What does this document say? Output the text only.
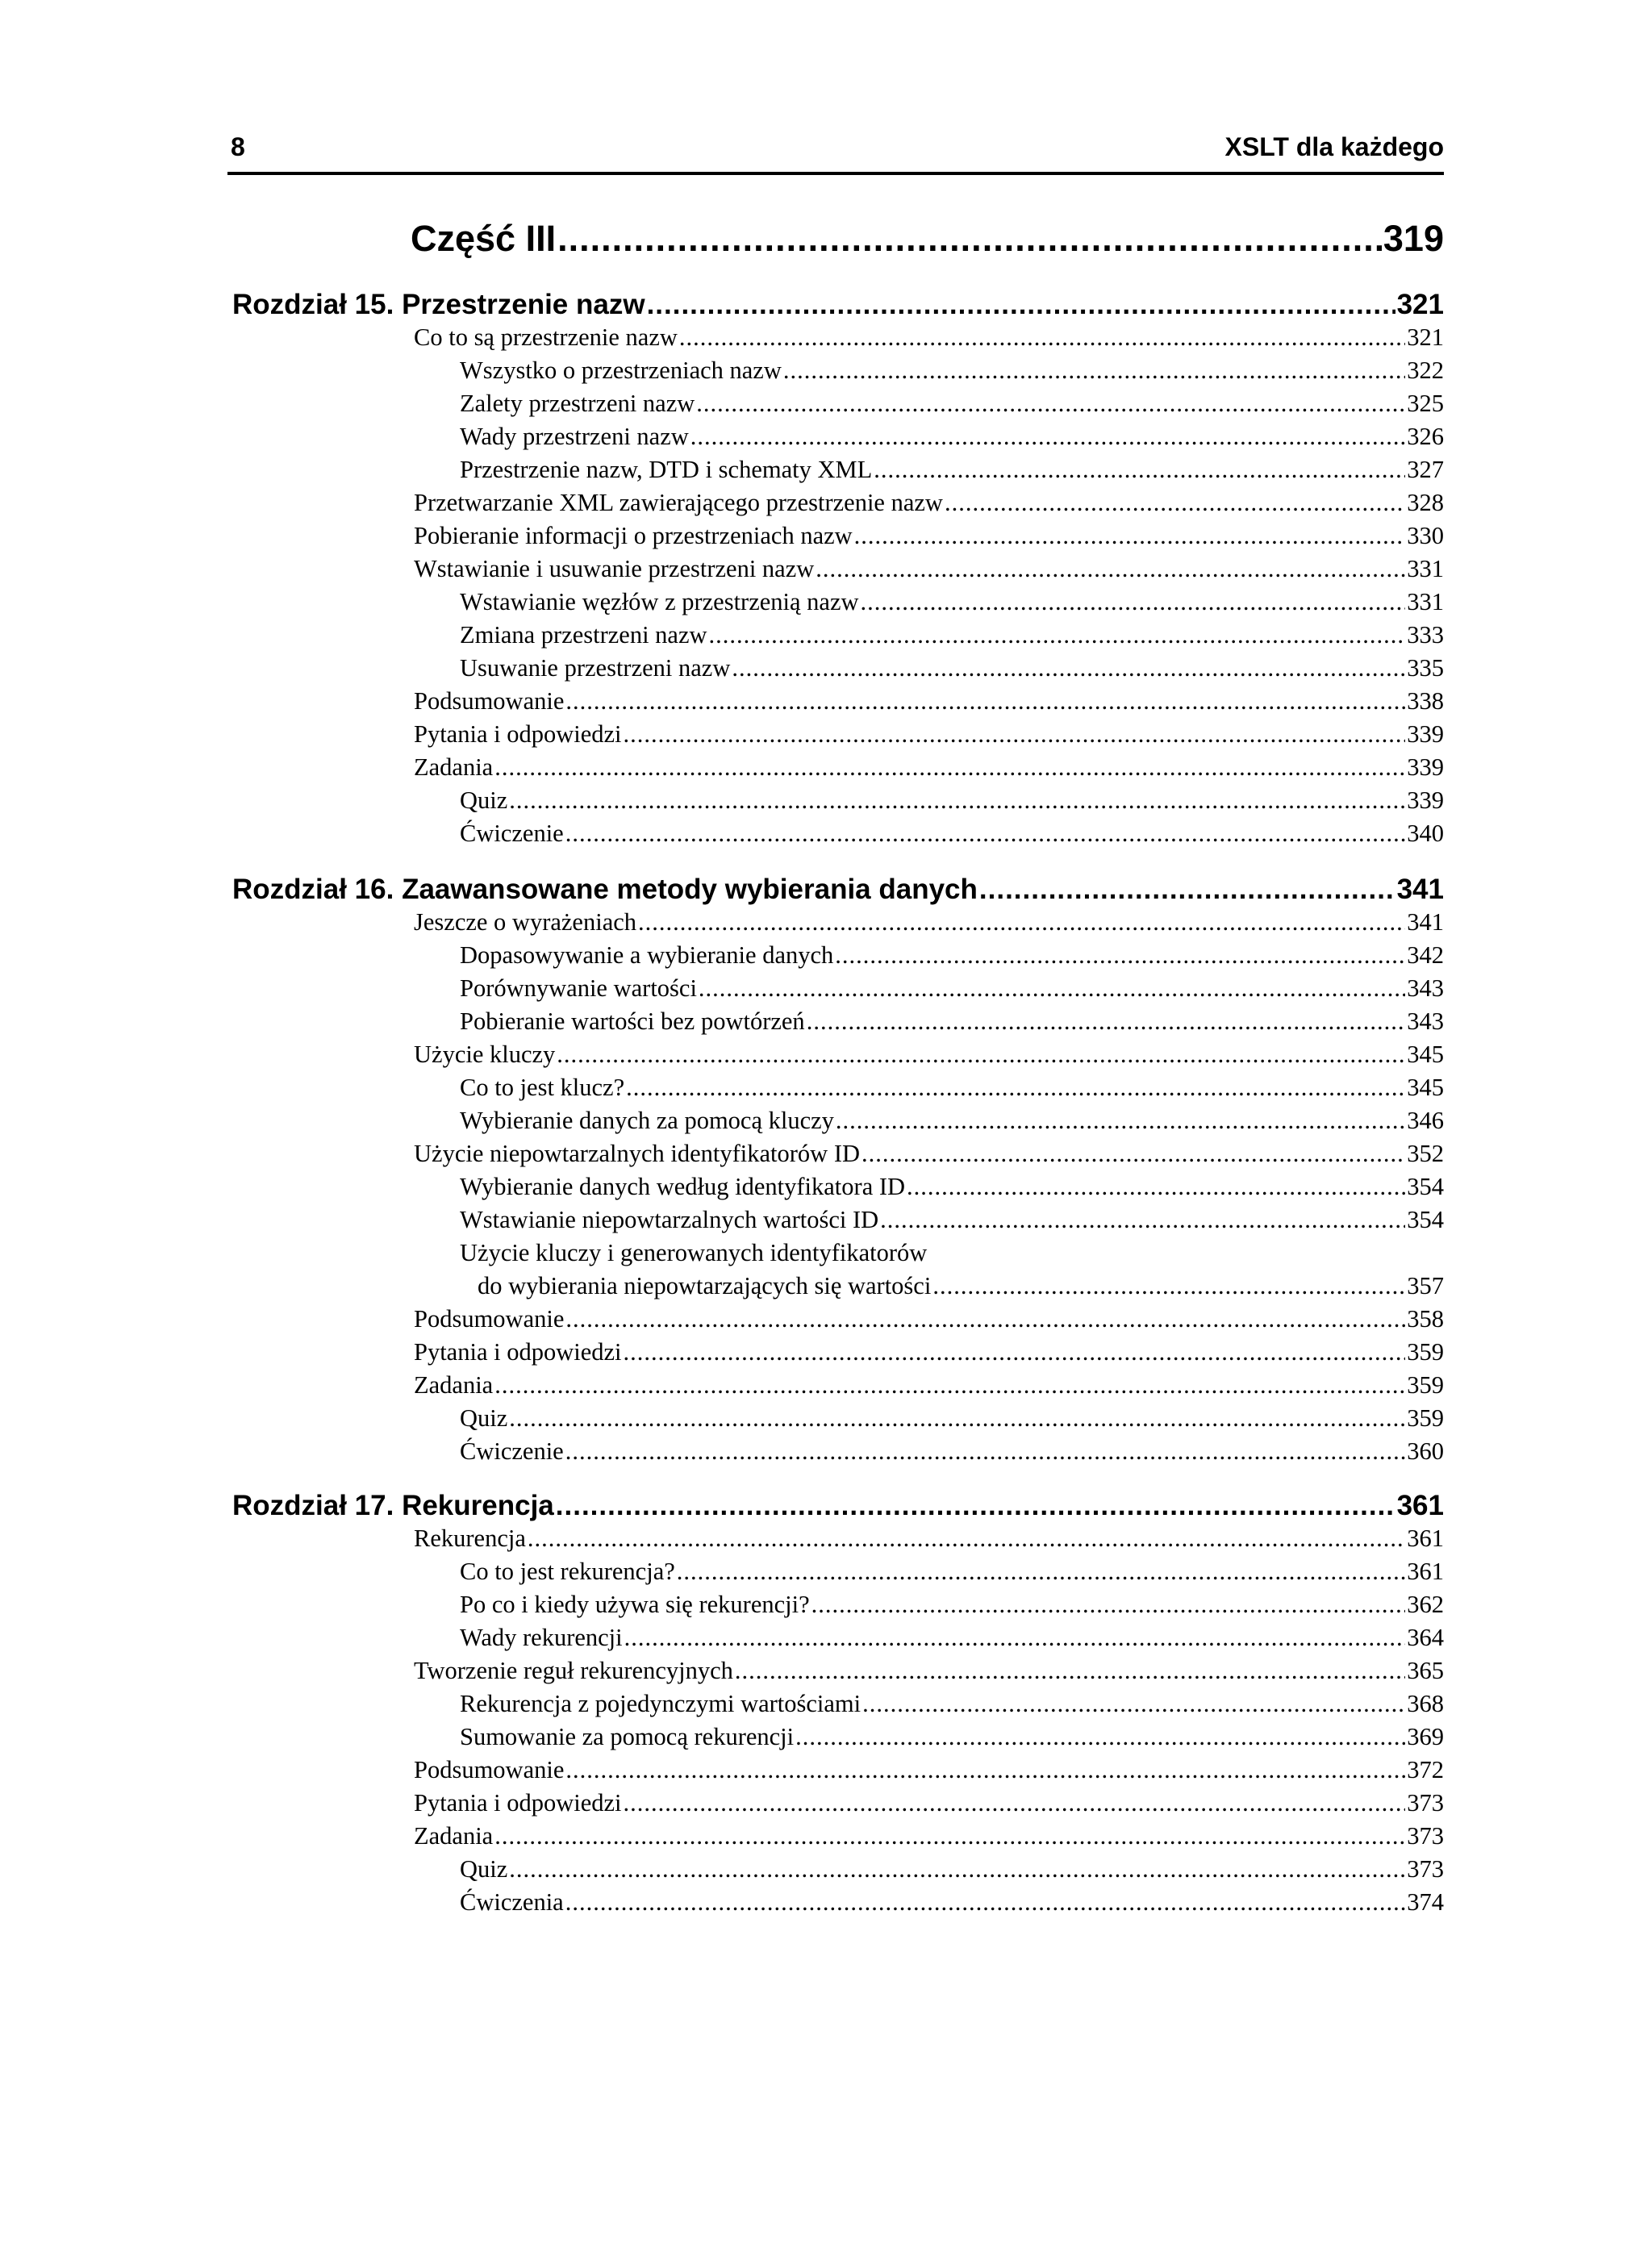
8	XSLT dla każdego
Część III .....	319
Rozdział 15. Przestrzenie nazw .....	321
Co to są przestrzenie nazw .....	321
Wszystko o przestrzeniach nazw .....	322
Zalety przestrzeni nazw .....	325
Wady przestrzeni nazw .....	326
Przestrzenie nazw, DTD i schematy XML .....	327
Przetwarzanie XML zawierającego przestrzenie nazw .....	328
Pobieranie informacji o przestrzeniach nazw .....	330
Wstawianie i usuwanie przestrzeni nazw .....	331
Wstawianie węzłów z przestrzenią nazw .....	331
Zmiana przestrzeni nazw .....	333
Usuwanie przestrzeni nazw .....	335
Podsumowanie .....	338
Pytania i odpowiedzi .....	339
Zadania .....	339
Quiz .....	339
Ćwiczenie .....	340
Rozdział 16. Zaawansowane metody wybierania danych .....	341
Jeszcze o wyrażeniach .....	341
Dopasowywanie a wybieranie danych .....	342
Porównywanie wartości .....	343
Pobieranie wartości bez powtórzeń .....	343
Użycie kluczy .....	345
Co to jest klucz? .....	345
Wybieranie danych za pomocą kluczy .....	346
Użycie niepowtarzalnych identyfikatorów ID .....	352
Wybieranie danych według identyfikatora ID .....	354
Wstawianie niepowtarzalnych wartości ID .....	354
Użycie kluczy i generowanych identyfikatorów
do wybierania niepowtarzających się wartości .....	357
Podsumowanie .....	358
Pytania i odpowiedzi .....	359
Zadania .....	359
Quiz .....	359
Ćwiczenie .....	360
Rozdział 17. Rekurencja .....	361
Rekurencja .....	361
Co to jest rekurencja? .....	361
Po co i kiedy używa się rekurencji? .....	362
Wady rekurencji .....	364
Tworzenie reguł rekurencyjnych .....	365
Rekurencja z pojedynczymi wartościami .....	368
Sumowanie za pomocą rekurencji .....	369
Podsumowanie .....	372
Pytania i odpowiedzi .....	373
Zadania .....	373
Quiz .....	373
Ćwiczenia .....	374
